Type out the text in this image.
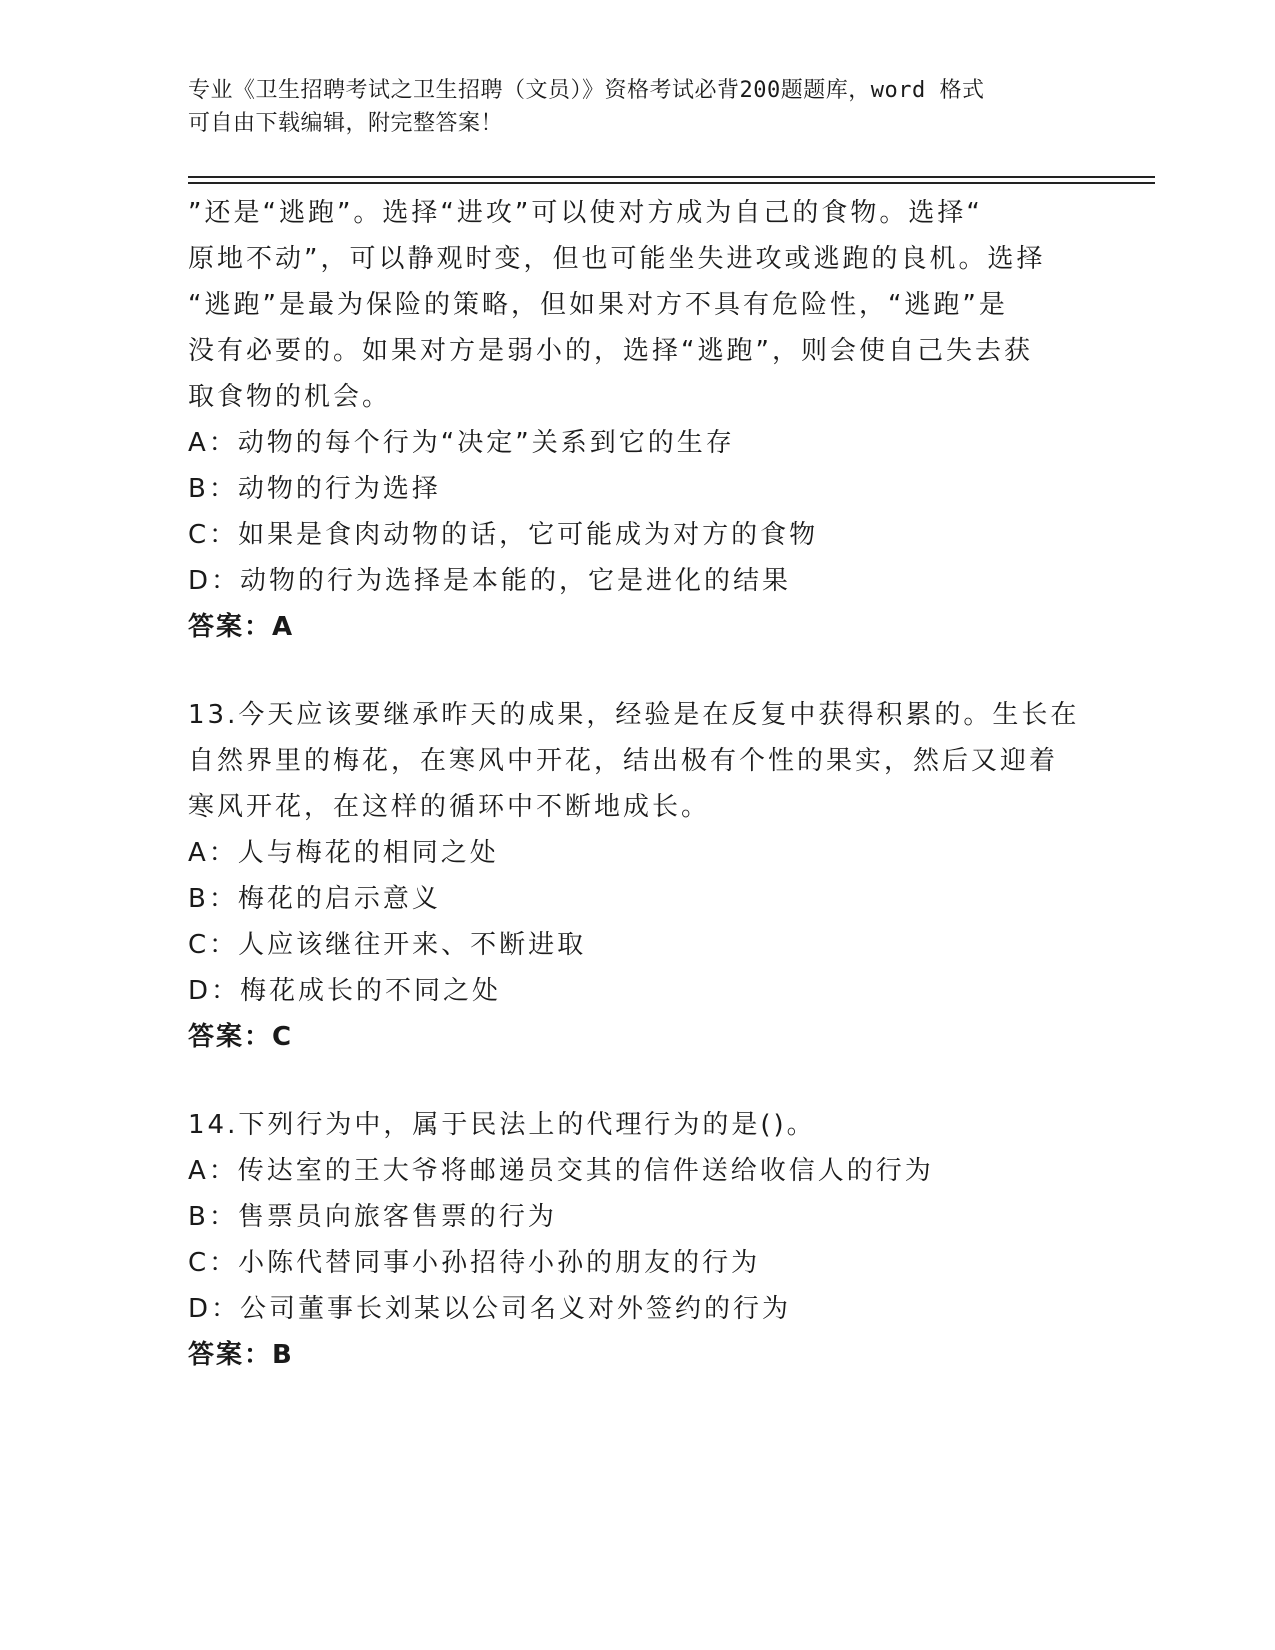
专业《卫生招聘考试之卫生招聘（文员）》资格考试必背200题题库，word 格式
可自由下载编辑，附完整答案！

”还是“逃跑”。选择“进攻”可以使对方成为自己的食物。选择“
原地不动”，可以静观时变，但也可能坐失进攻或逃跑的良机。选择
“逃跑”是最为保险的策略，但如果对方不具有危险性，“逃跑”是
没有必要的。如果对方是弱小的，选择“逃跑”，则会使自己失去获
取食物的机会。

A：动物的每个行为“决定”关系到它的生存
B：动物的行为选择
C：如果是食肉动物的话，它可能成为对方的食物
D：动物的行为选择是本能的，它是进化的结果
答案：A

13.今天应该要继承昨天的成果，经验是在反复中获得积累的。生长在
自然界里的梅花，在寒风中开花，结出极有个性的果实，然后又迎着
寒风开花，在这样的循环中不断地成长。

A：人与梅花的相同之处
B：梅花的启示意义
C：人应该继往开来、不断进取
D：梅花成长的不同之处
答案：C

14.下列行为中，属于民法上的代理行为的是()。

A：传达室的王大爷将邮递员交其的信件送给收信人的行为
B：售票员向旅客售票的行为
C：小陈代替同事小孙招待小孙的朋友的行为
D：公司董事长刘某以公司名义对外签约的行为
答案：B
